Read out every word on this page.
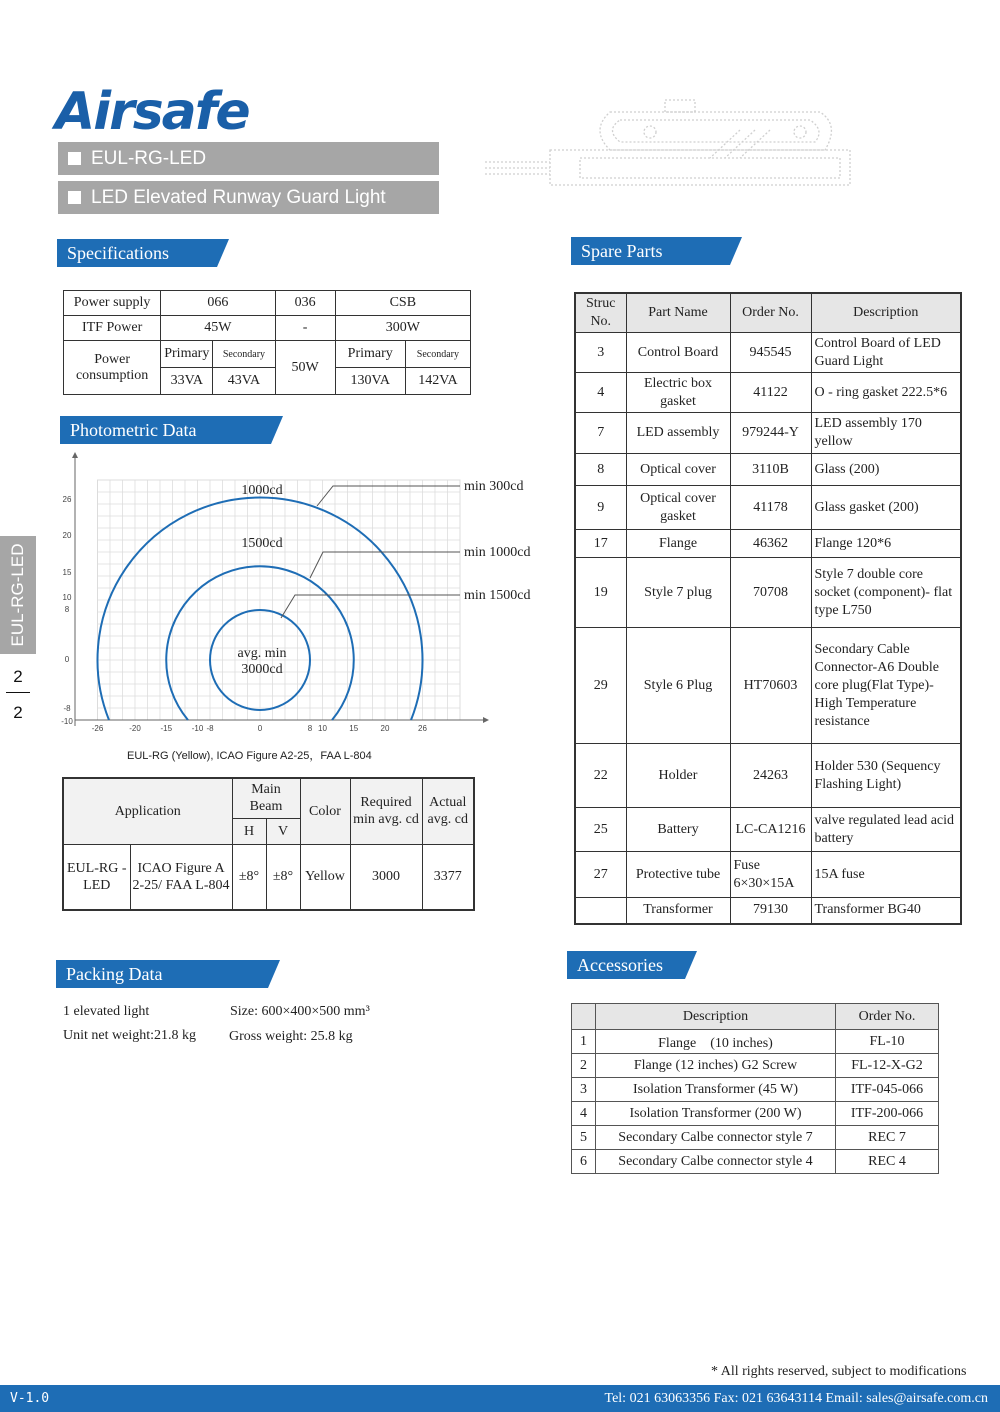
Airsafe
EUL-RG-LED
LED Elevated Runway Guard Light
Specifications
Power supply	066		036	CSB	
ITF Power	45W		-	300W	
Power consumption	Primary	Secondary	50W	Primary	Secondary
	33VA	43VA		130VA	142VA
Photometric Data
26
20
15
10
8
0
-8
-10
-26	-20 -15 -10 -8	0	8 10	15	20	26
1000cd
1500cd
avg. min
3000cd
min 300cd
min 1000cd
min 1500cd
EUL-RG (Yellow), ICAO Figure A2-25，FAA L-804
Application		Main Beam		Color	Required min avg. cd	Actual avg. cd
		H	V			
EUL-RG -LED	ICAO Figure A 2-25/ FAA L-804	±8°	±8°	Yellow	3000	3377
Packing Data
1 elevated light	Size: 600×400×500 mm³
Unit net weight:21.8 kg Gross weight: 25.8 kg
Spare Parts
Struc No.	Part Name	Order No.	Description
3	Control Board	945545	Control Board of LED Guard Light
4	Electric box gasket	41122	O - ring gasket 222.5*6
7	LED assembly	979244-Y	LED assembly 170 yellow
8	Optical cover	3110B	Glass (200)
9	Optical cover gasket	41178	Glass gasket (200)
17	Flange	46362	Flange 120*6
19	Style 7 plug	70708	Style 7 double core socket (component)- flat type L750
29	Style 6 Plug	HT70603	Secondary Cable Connector-A6 Double core plug(Flat Type)-High Temperature resistance
22	Holder	24263	Holder 530 (Sequency Flashing Light)
25	Battery	LC-CA1216	valve regulated lead acid battery
27	Protective tube	Fuse 6×30×15A	15A fuse
	Transformer	79130	Transformer BG40
Accessories
	Description	Order No.
1	Flange　(10 inches)	FL-10
2	Flange (12 inches) G2 Screw	FL-12-X-G2
3	Isolation Transformer (45 W)	ITF-045-066
4	Isolation Transformer (200 W)	ITF-200-066
5	Secondary Calbe connector style 7	REC 7
6	Secondary Calbe connector style 4	REC 4
EUL-RG-LED
2
2
* All rights reserved, subject to modifications
V-1.0	Tel: 021 63063356 Fax: 021 63643114 Email: sales@airsafe.com.cn
